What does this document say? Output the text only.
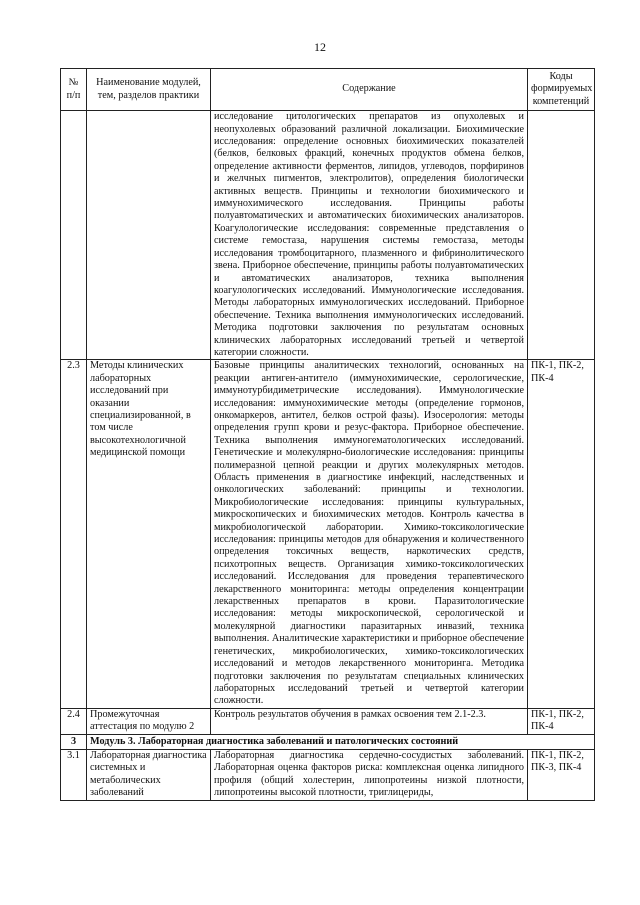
12
№ п/п	Наименование модулей, тем, разделов практики	Содержание	Коды формируемых компетенций
		исследование цитологических препаратов из опухолевых и неопухолевых образований различной локализации. Биохимические исследования: определение основных биохимических показателей (белков, белковых фракций, конечных продуктов обмена белков, определение активности ферментов, липидов, углеводов, порфиринов и желчных пигментов, электролитов), определения биологически активных веществ. Принципы и технологии биохимического и иммунохимического исследования. Принципы работы полуавтоматических и автоматических биохимических анализаторов. Коагулологические исследования: современные представления о системе гемостаза, нарушения системы гемостаза, методы исследования тромбоцитарного, плазменного и фибринолитического звена. Приборное обеспечение, принципы работы полуавтоматических и автоматических анализаторов, техника выполнения коагулологических исследований. Иммунологические исследования. Методы лабораторных иммунологических исследований. Приборное обеспечение. Техника выполнения иммунологических исследований. Методика подготовки заключения по результатам основных клинических лабораторных исследований третьей и четвертой категории сложности.	
2.3	Методы клинических лабораторных исследований при оказании специализированной, в том числе высокотехнологичной медицинской помощи	Базовые принципы аналитических технологий, основанных на реакции антиген-антитело (иммунохимические, серологические, иммунотурбидиметрические исследования). Иммунологические исследования: иммунохимические методы (определение гормонов, онкомаркеров, антител, белков острой фазы). Изосерология: методы определения групп крови и резус-фактора. Приборное обеспечение. Техника выполнения иммуногематологических исследований. Генетические и молекулярно-биологические исследования: принципы полимеразной цепной реакции и других молекулярных методов. Область применения в диагностике инфекций, наследственных и онкологических заболеваний: принципы и технологии. Микробиологические исследования: принципы культуральных, микроскопических и биохимических методов. Контроль качества в микробиологической лаборатории. Химико-токсикологические исследования: принципы методов для обнаружения и количественного определения токсичных веществ, наркотических средств, психотропных веществ. Организация химико-токсикологических исследований. Исследования для проведения терапевтического лекарственного мониторинга: методы определения концентрации лекарственных препаратов в крови. Паразитологические исследования: методы микроскопической, серологической и молекулярной диагностики паразитарных инвазий, техника выполнения. Аналитические характеристики и приборное обеспечение генетических, микробиологических, химико-токсикологических исследований и методов лекарственного мониторинга. Методика подготовки заключения по результатам специальных клинических лабораторных исследований третьей и четвертой категории сложности.	ПК-1, ПК-2, ПК-4
2.4	Промежуточная аттестация по модулю 2	Контроль результатов обучения в рамках освоения тем 2.1-2.3.	ПК-1, ПК-2, ПК-4
3	Модуль 3. Лабораторная диагностика заболеваний и патологических состояний		
3.1	Лабораторная диагностика системных и метаболических заболеваний	Лабораторная диагностика сердечно-сосудистых заболеваний. Лабораторная оценка факторов риска: комплексная оценка липидного профиля (общий холестерин, липопротеины низкой плотности, липопротеины высокой плотности, триглицериды,	ПК-1, ПК-2, ПК-3, ПК-4
